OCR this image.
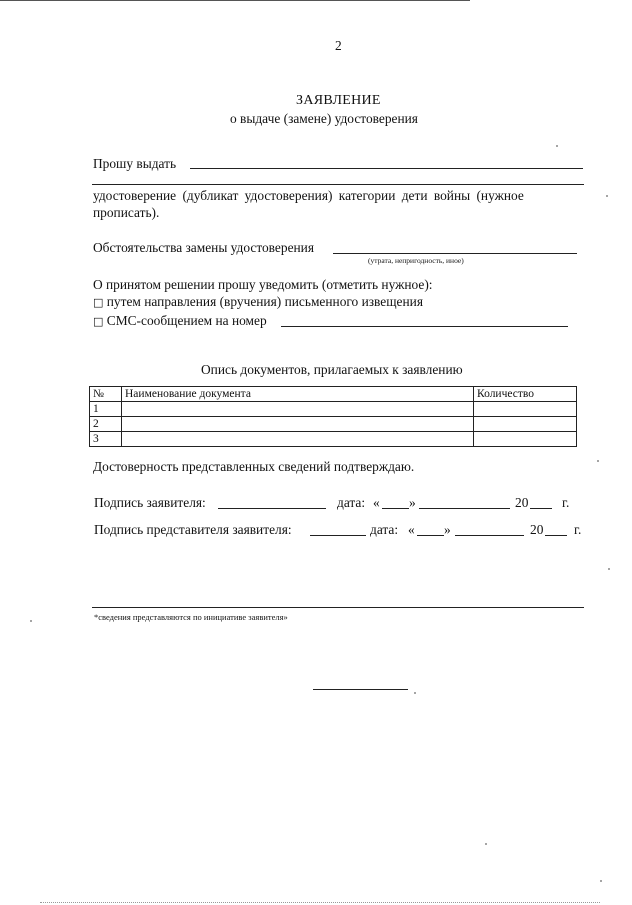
2
ЗАЯВЛЕНИЕ
о выдаче (замене) удостоверения
Прошу выдать
удостоверение (дубликат удостоверения) категории дети войны (нужное
прописать).
Обстоятельства замены удостоверения
(утрата, непригодность, иное)
О принятом решении прошу уведомить (отметить нужное):
□ путем направления (вручения) письменного извещения
□ СМС-сообщением на номер
Опись документов, прилагаемых к заявлению
№	Наименование документа	Количество
1		
2		
3		
Достоверность представленных сведений подтверждаю.
Подпись заявителя:	дата: « »	20	г.
Подпись представителя заявителя:	дата: « »	20 г.
*сведения представляются по инициативе заявителя»
